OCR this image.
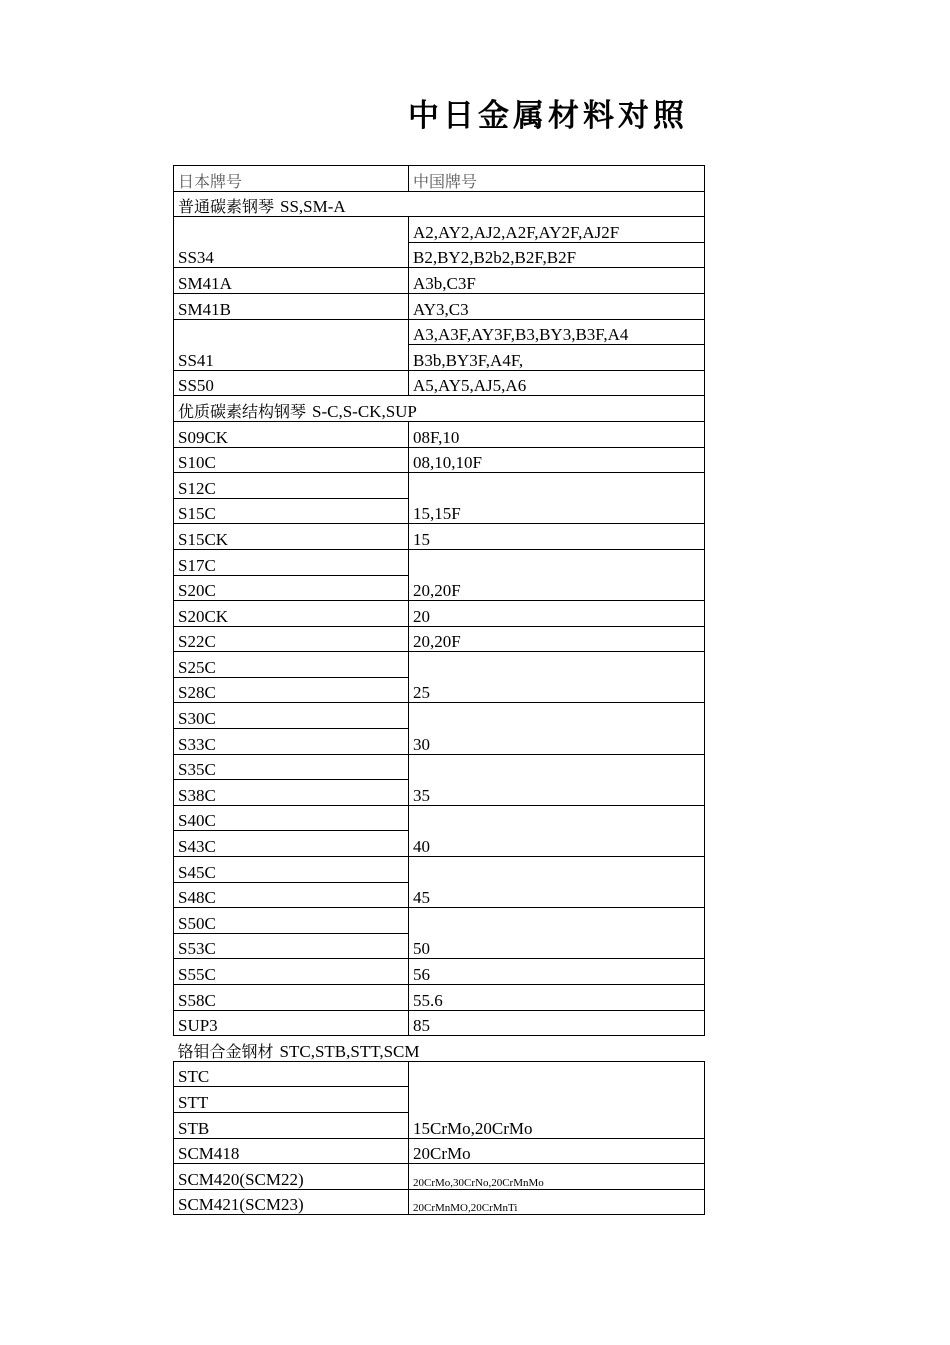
中日金属材料对照
日本牌号	中国牌号
普通碳素钢琴 SS,SM-A	
SS34	A2,AY2,AJ2,A2F,AY2F,AJ2F
	B2,BY2,B2b2,B2F,B2F
SM41A	A3b,C3F
SM41B	AY3,C3
SS41	A3,A3F,AY3F,B3,BY3,B3F,A4
	B3b,BY3F,A4F,
SS50	A5,AY5,AJ5,A6
优质碳素结构钢琴 S-C,S-CK,SUP	
S09CK	08F,10
S10C	08,10,10F
S12C	15,15F
S15C	
S15CK	15
S17C	20,20F
S20C	
S20CK	20
S22C	20,20F
S25C	25
S28C	
S30C	30
S33C	
S35C	35
S38C	
S40C	40
S43C	
S45C	45
S48C	
S50C	50
S53C	
S55C	56
S58C	55.6
SUP3	85
铬钼合金钢材 STC,STB,STT,SCM	
STC	15CrMo,20CrMo
STT	
STB	
SCM418	20CrMo
SCM420(SCM22)	20CrMo,30CrNo,20CrMnMo
SCM421(SCM23)	20CrMnMO,20CrMnTi
